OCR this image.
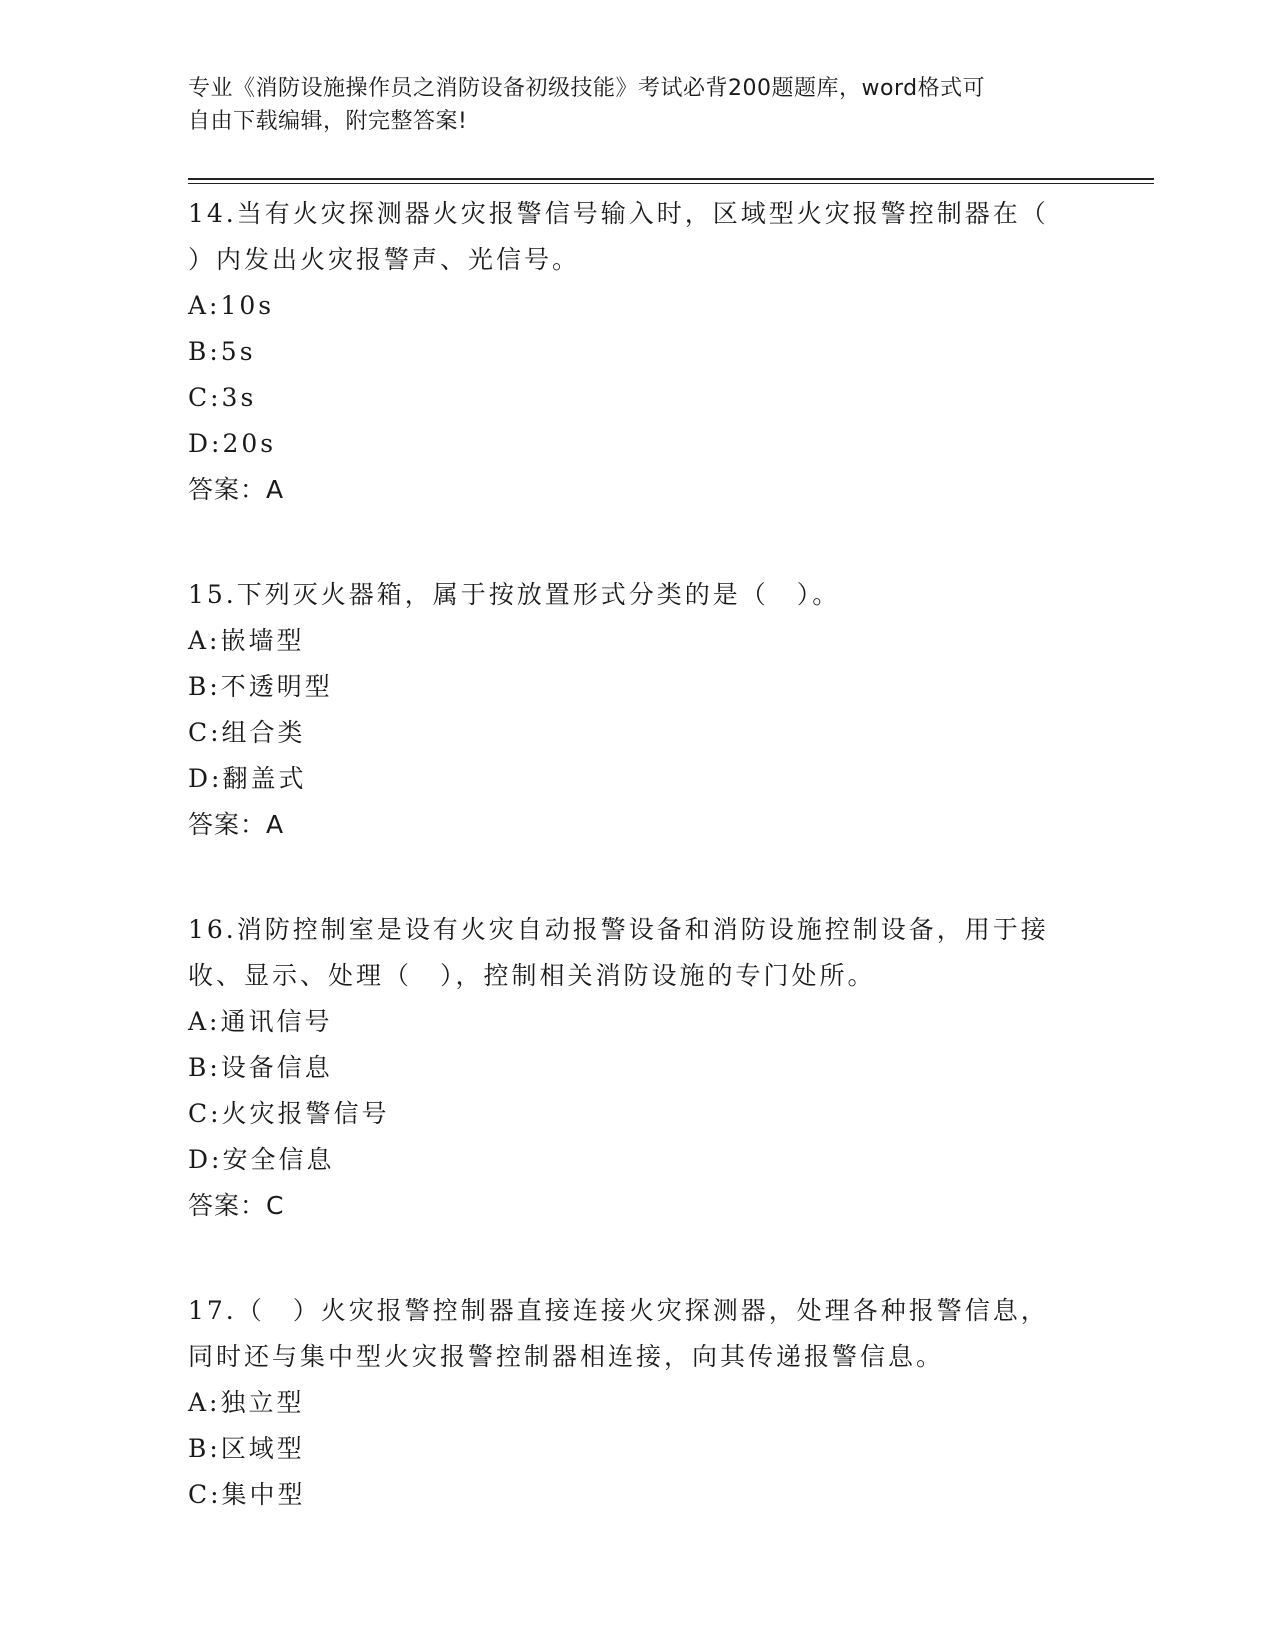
专业《消防设施操作员之消防设备初级技能》考试必背200题题库，word格式可
自由下载编辑，附完整答案!
14.当有火灾探测器火灾报警信号输入时，区域型火灾报警控制器在（
）内发出火灾报警声、光信号。
A:10s
B:5s
C:3s
D:20s
答案：A
15.下列灭火器箱，属于按放置形式分类的是（　）。
A:嵌墙型
B:不透明型
C:组合类
D:翻盖式
答案：A
16.消防控制室是设有火灾自动报警设备和消防设施控制设备，用于接
收、显示、处理（　），控制相关消防设施的专门处所。
A:通讯信号
B:设备信息
C:火灾报警信号
D:安全信息
答案：C
17.（　）火灾报警控制器直接连接火灾探测器，处理各种报警信息，
同时还与集中型火灾报警控制器相连接，向其传递报警信息。
A:独立型
B:区域型
C:集中型
